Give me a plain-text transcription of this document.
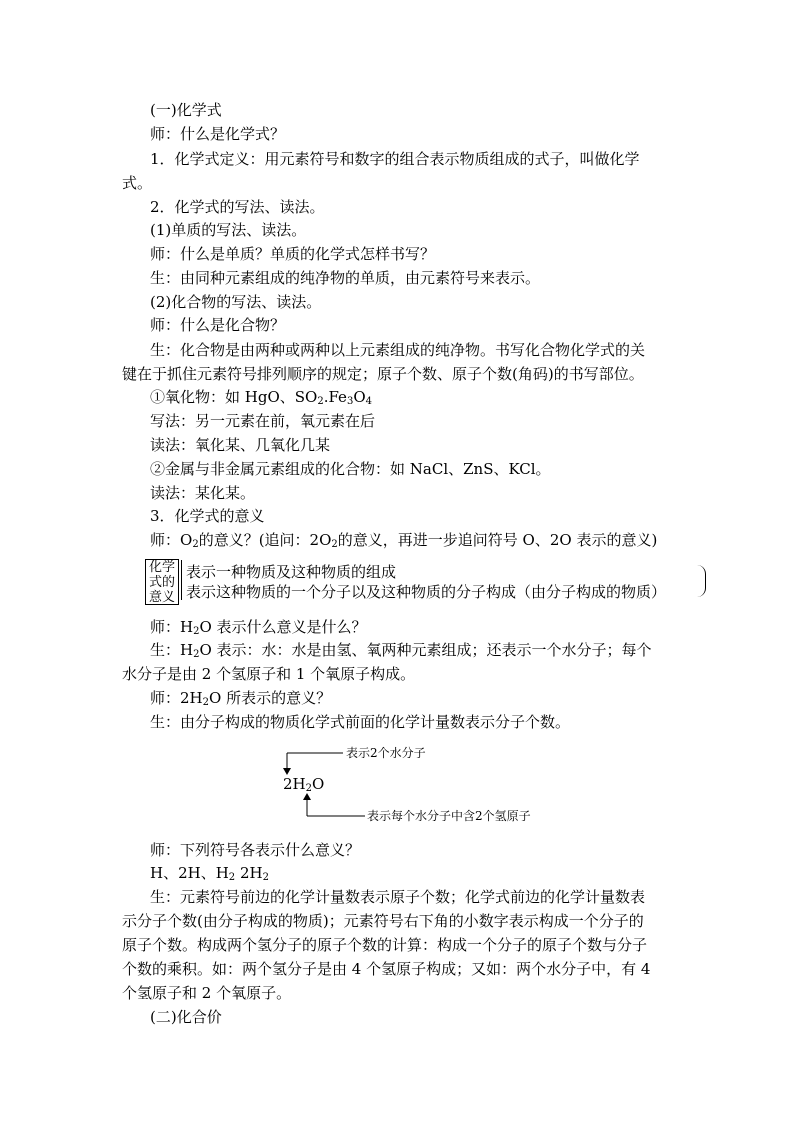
(一)化学式
师：什么是化学式？
1．化学式定义：用元素符号和数字的组合表示物质组成的式子，叫做化学
式。
2．化学式的写法、读法。
(1)单质的写法、读法。
师：什么是单质？单质的化学式怎样书写？
生：由同种元素组成的纯净物的单质，由元素符号来表示。
(2)化合物的写法、读法。
师：什么是化合物？
生：化合物是由两种或两种以上元素组成的纯净物。书写化合物化学式的关
键在于抓住元素符号排列顺序的规定；原子个数、原子个数(角码)的书写部位。
①氧化物：如 HgO、$SO_2.Fe_3O_4$
写法：另一元素在前，氧元素在后
读法：氧化某、几氧化几某
②金属与非金属元素组成的化合物：如 NaCl、ZnS、KCl。
读法：某化某。
3．化学式的意义
师：$O_2$的意义？(追问：$2O_2$的意义，再进一步追问符号 O、2O 表示的意义)
化学式的意义
表示一种物质及这种物质的组成
表示这种物质的一个分子以及这种物质的分子构成（由分子构成的物质）
师：$H_2O$ 表示什么意义是什么？
生：$H_2O$ 表示：水：水是由氢、氧两种元素组成；还表示一个水分子；每个
水分子是由 2 个氢原子和 1 个氧原子构成。
师：$2H_2O$ 所表示的意义？
生：由分子构成的物质化学式前面的化学计量数表示分子个数。
表示2个水分子
$2H_2O$
表示每个水分子中含2个氢原子
师：下列符号各表示什么意义？
H、2H、$H_2$ $2H_2$
生：元素符号前边的化学计量数表示原子个数；化学式前边的化学计量数表
示分子个数(由分子构成的物质)；元素符号右下角的小数字表示构成一个分子的
原子个数。构成两个氢分子的原子个数的计算：构成一个分子的原子个数与分子
个数的乘积。如：两个氢分子是由 4 个氢原子构成；又如：两个水分子中，有 4
个氢原子和 2 个氧原子。
(二)化合价
